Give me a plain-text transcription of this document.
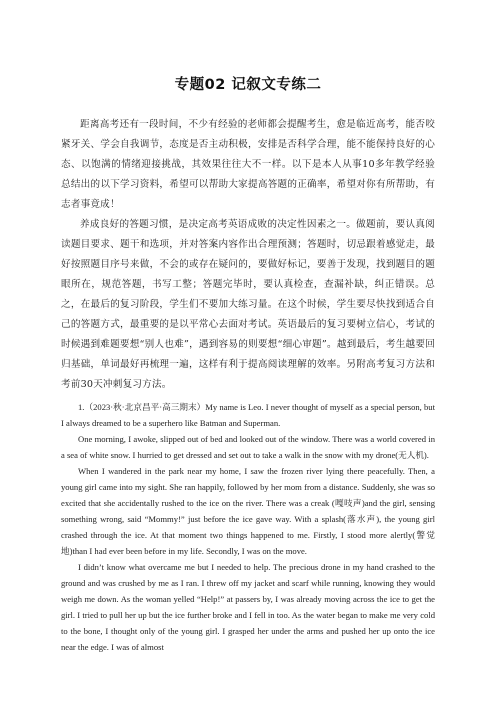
专题02 记叙文专练二

距离高考还有一段时间，不少有经验的老师都会提醒考生，愈是临近高考，能否咬紧牙关、学会自我调节，态度是否主动积极，安排是否科学合理，能不能保持良好的心态、以饱满的情绪迎接挑战，其效果往往大不一样。以下是本人从事10多年教学经验总结出的以下学习资料，希望可以帮助大家提高答题的正确率，希望对你有所帮助，有志者事竟成！

养成良好的答题习惯，是决定高考英语成败的决定性因素之一。做题前，要认真阅读题目要求、题干和选项，并对答案内容作出合理预测；答题时，切忌跟着感觉走，最好按照题目序号来做，不会的或存在疑问的，要做好标记，要善于发现，找到题目的题眼所在，规范答题，书写工整；答题完毕时，要认真检查，查漏补缺，纠正错误。总之，在最后的复习阶段，学生们不要加大练习量。在这个时候，学生要尽快找到适合自己的答题方式，最重要的是以平常心去面对考试。英语最后的复习要树立信心，考试的时候遇到难题要想“别人也难”，遇到容易的则要想“细心审题”。越到最后，考生越要回归基础，单词最好再梳理一遍，这样有利于提高阅读理解的效率。另附高考复习方法和考前30天冲刺复习方法。

1.（2023·秋·北京昌平·高三期末）My name is Leo. I never thought of myself as a special person, but I always dreamed to be a superhero like Batman and Superman.

One morning, I awoke, slipped out of bed and looked out of the window. There was a world covered in a sea of white snow. I hurried to get dressed and set out to take a walk in the snow with my drone(无人机).

When I wandered in the park near my home, I saw the frozen river lying there peacefully. Then, a young girl came into my sight. She ran happily, followed by her mom from a distance. Suddenly, she was so excited that she accidentally rushed to the ice on the river. There was a creak (嘎吱声)and the girl, sensing something wrong, said “Mommy!” just before the ice gave way. With a splash(落水声), the young girl crashed through the ice. At that moment two things happened to me. Firstly, I stood more alertly(警觉地)than I had ever been before in my life. Secondly, I was on the move.

I didn’t know what overcame me but I needed to help. The precious drone in my hand crashed to the ground and was crushed by me as I ran. I threw off my jacket and scarf while running, knowing they would weigh me down. As the woman yelled “Help!” at passers by, I was already moving across the ice to get the girl. I tried to pull her up but the ice further broke and I fell in too. As the water began to make me very cold to the bone, I thought only of the young girl. I grasped her under the arms and pushed her up onto the ice near the edge. I was of almost
